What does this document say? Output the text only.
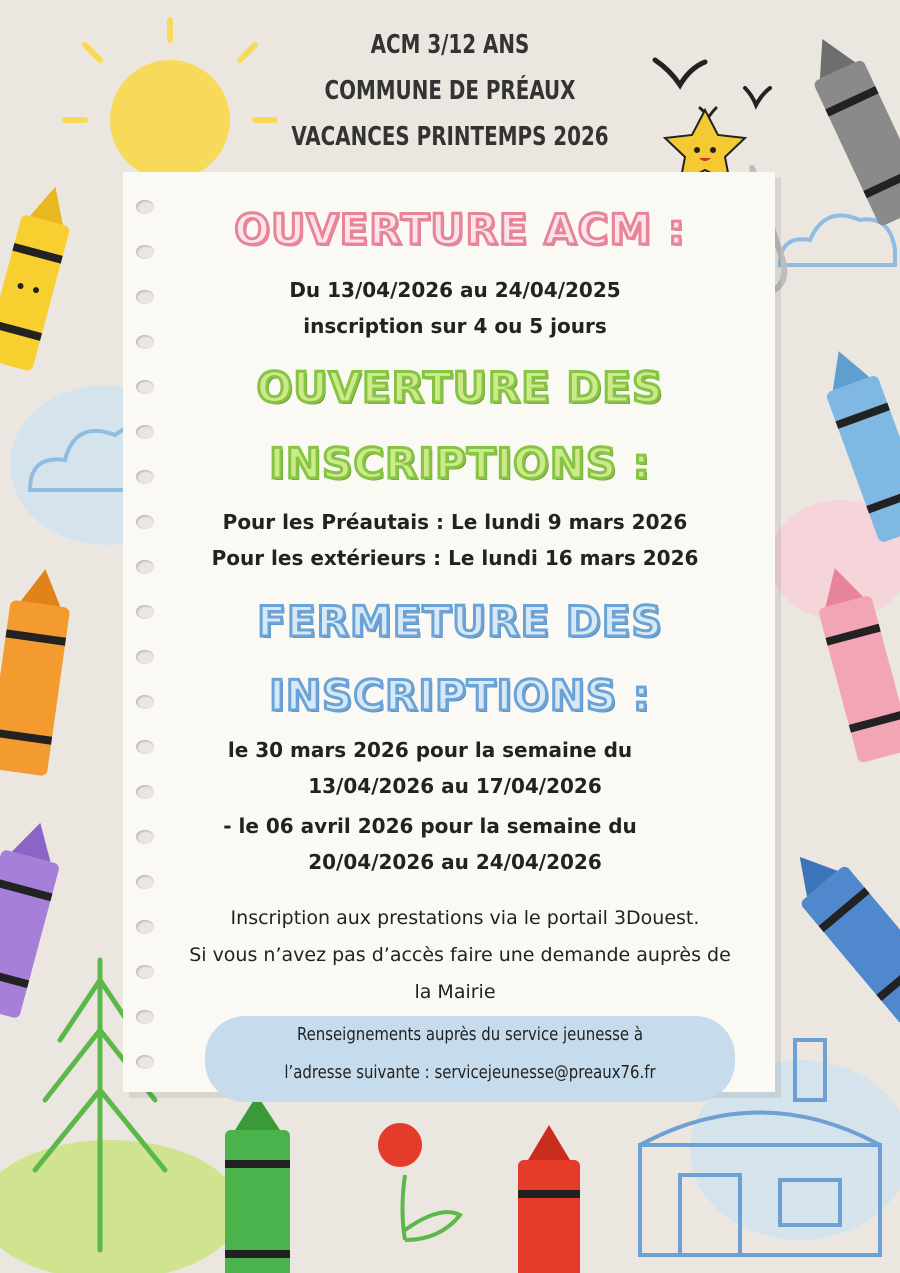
ACM 3/12 ANS
COMMUNE DE PRÉAUX
VACANCES PRINTEMPS 2026
OUVERTURE ACM :
Du 13/04/2026 au 24/04/2025
inscription sur 4 ou 5 jours
OUVERTURE DES
INSCRIPTIONS :
Pour les Préautais : Le lundi 9 mars 2026
Pour les extérieurs : Le lundi 16 mars 2026
FERMETURE DES
INSCRIPTIONS :
le 30 mars 2026 pour la semaine du
13/04/2026 au 17/04/2026
- le 06 avril 2026 pour la semaine du
20/04/2026 au 24/04/2026
Inscription aux prestations via le portail 3Douest.
Si vous n’avez pas d’accès faire une demande auprès de
la Mairie
Renseignements auprès du service jeunesse à
l’adresse suivante : servicejeunesse@preaux76.fr
